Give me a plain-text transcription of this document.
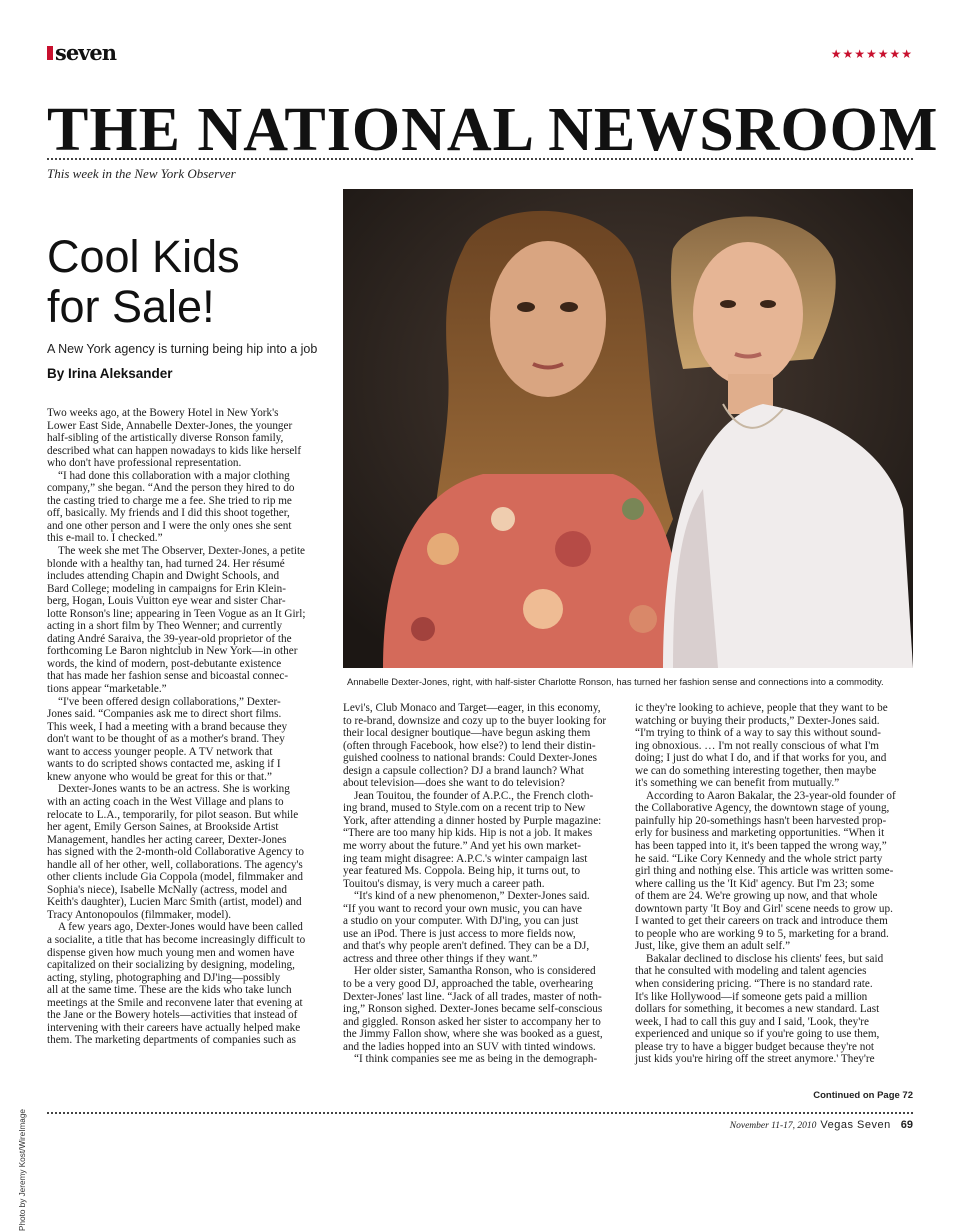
seven	★★★★★★★
THE NATIONAL NEWSROOM
This week in the New York Observer
Annabelle Dexter-Jones, right, with half-sister Charlotte Ronson, has turned her fashion sense and connections into a commodity.
Cool Kids
for Sale!
A New York agency is turning being hip into a job
By Irina Aleksander
Two weeks ago, at the Bowery Hotel in New York's
Lower East Side, Annabelle Dexter-Jones, the younger
half-sibling of the artistically diverse Ronson family,
described what can happen nowadays to kids like herself
who don't have professional representation.
“I had done this collaboration with a major clothing
company,” she began. “And the person they hired to do
the casting tried to charge me a fee. She tried to rip me
off, basically. My friends and I did this shoot together,
and one other person and I were the only ones she sent
this e-mail to. I checked.”
The week she met The Observer, Dexter-Jones, a petite
blonde with a healthy tan, had turned 24. Her résumé
includes attending Chapin and Dwight Schools, and
Bard College; modeling in campaigns for Erin Klein-
berg, Hogan, Louis Vuitton eye wear and sister Char-
lotte Ronson's line; appearing in Teen Vogue as an It Girl;
acting in a short film by Theo Wenner; and currently
dating André Saraiva, the 39-year-old proprietor of the
forthcoming Le Baron nightclub in New York—in other
words, the kind of modern, post-debutante existence
that has made her fashion sense and bicoastal connec-
tions appear “marketable.”
“I've been offered design collaborations,” Dexter-
Jones said. “Companies ask me to direct short films.
This week, I had a meeting with a brand because they
don't want to be thought of as a mother's brand. They
want to access younger people. A TV network that
wants to do scripted shows contacted me, asking if I
knew anyone who would be great for this or that.”
Dexter-Jones wants to be an actress. She is working
with an acting coach in the West Village and plans to
relocate to L.A., temporarily, for pilot season. But while
her agent, Emily Gerson Saines, at Brookside Artist
Management, handles her acting career, Dexter-Jones
has signed with the 2-month-old Collaborative Agency to
handle all of her other, well, collaborations. The agency's
other clients include Gia Coppola (model, filmmaker and
Sophia's niece), Isabelle McNally (actress, model and
Keith's daughter), Lucien Marc Smith (artist, model) and
Tracy Antonopoulos (filmmaker, model).
A few years ago, Dexter-Jones would have been called
a socialite, a title that has become increasingly difficult to
dispense given how much young men and women have
capitalized on their socializing by designing, modeling,
acting, styling, photographing and DJ'ing—possibly
all at the same time. These are the kids who take lunch
meetings at the Smile and reconvene later that evening at
the Jane or the Bowery hotels—activities that instead of
intervening with their careers have actually helped make
them. The marketing departments of companies such as
Levi's, Club Monaco and Target—eager, in this economy,
to re-brand, downsize and cozy up to the buyer looking for
their local designer boutique—have begun asking them
(often through Facebook, how else?) to lend their distin-
guished coolness to national brands: Could Dexter-Jones
design a capsule collection? DJ a brand launch? What
about television—does she want to do television?
Jean Touitou, the founder of A.P.C., the French cloth-
ing brand, mused to Style.com on a recent trip to New
York, after attending a dinner hosted by Purple magazine:
“There are too many hip kids. Hip is not a job. It makes
me worry about the future.” And yet his own market-
ing team might disagree: A.P.C.'s winter campaign last
year featured Ms. Coppola. Being hip, it turns out, to
Touitou's dismay, is very much a career path.
“It's kind of a new phenomenon,” Dexter-Jones said.
“If you want to record your own music, you can have
a studio on your computer. With DJ'ing, you can just
use an iPod. There is just access to more fields now,
and that's why people aren't defined. They can be a DJ,
actress and three other things if they want.”
Her older sister, Samantha Ronson, who is considered
to be a very good DJ, approached the table, overhearing
Dexter-Jones' last line. “Jack of all trades, master of noth-
ing,” Ronson sighed. Dexter-Jones became self-conscious
and giggled. Ronson asked her sister to accompany her to
the Jimmy Fallon show, where she was booked as a guest,
and the ladies hopped into an SUV with tinted windows.
“I think companies see me as being in the demograph-
ic they're looking to achieve, people that they want to be
watching or buying their products,” Dexter-Jones said.
“I'm trying to think of a way to say this without sound-
ing obnoxious. … I'm not really conscious of what I'm
doing; I just do what I do, and if that works for you, and
we can do something interesting together, then maybe
it's something we can benefit from mutually.”
According to Aaron Bakalar, the 23-year-old founder of
the Collaborative Agency, the downtown stage of young,
painfully hip 20-somethings hasn't been harvested prop-
erly for business and marketing opportunities. “When it
has been tapped into it, it's been tapped the wrong way,”
he said. “Like Cory Kennedy and the whole strict party
girl thing and nothing else. This article was written some-
where calling us the 'It Kid' agency. But I'm 23; some
of them are 24. We're growing up now, and that whole
downtown party 'It Boy and Girl' scene needs to grow up.
I wanted to get their careers on track and introduce them
to people who are working 9 to 5, marketing for a brand.
Just, like, give them an adult self.”
Bakalar declined to disclose his clients' fees, but said
that he consulted with modeling and talent agencies
when considering pricing. “There is no standard rate.
It's like Hollywood—if someone gets paid a million
dollars for something, it becomes a new standard. Last
week, I had to call this guy and I said, 'Look, they're
experienced and unique so if you're going to use them,
please try to have a bigger budget because they're not
just kids you're hiring off the street anymore.' They're
Continued on Page 72
Photo by Jeremy Kost/WireImage	November 11-17, 2010 Vegas Seven 69
